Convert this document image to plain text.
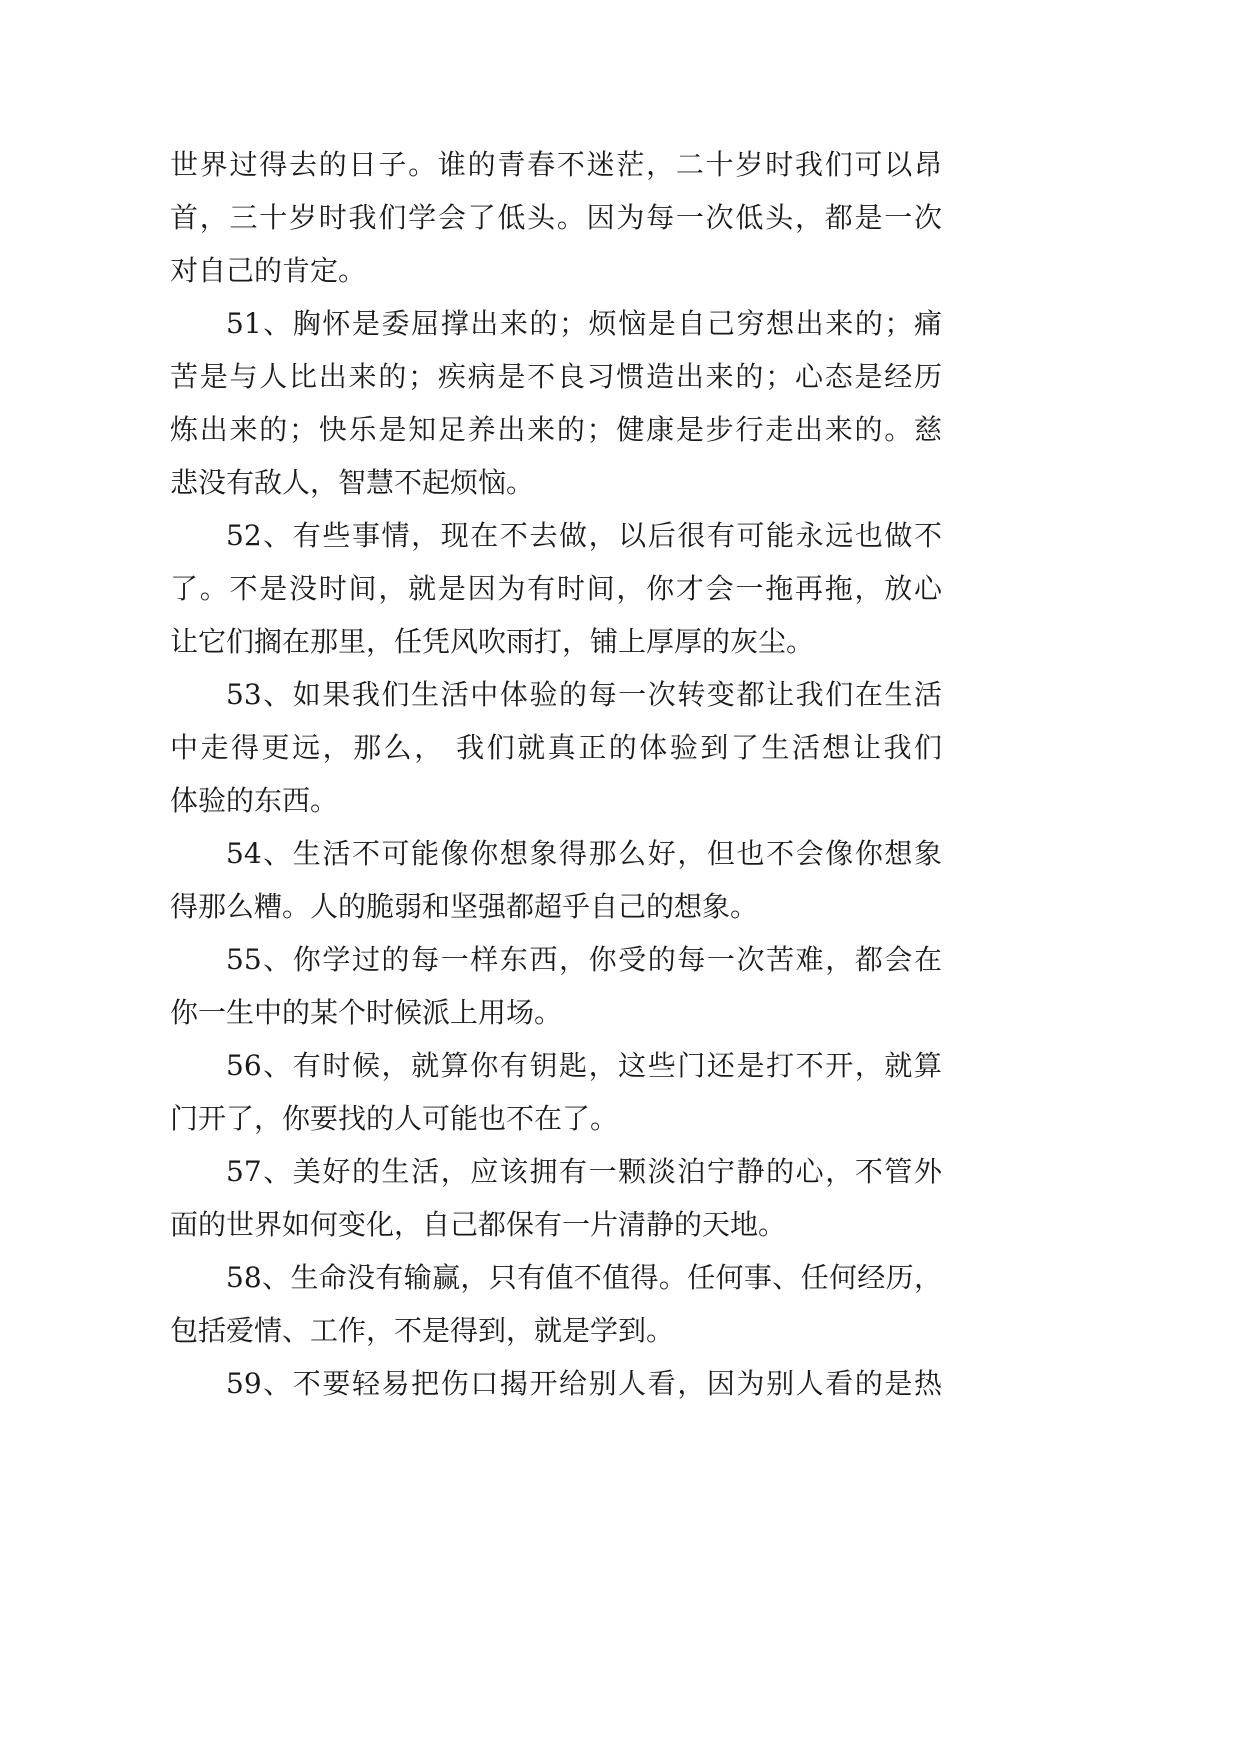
世界过得去的日子。谁的青春不迷茫，二十岁时我们可以昂
首，三十岁时我们学会了低头。因为每一次低头，都是一次
对自己的肯定。
51、胸怀是委屈撑出来的；烦恼是自己穷想出来的；痛
苦是与人比出来的；疾病是不良习惯造出来的；心态是经历
炼出来的；快乐是知足养出来的；健康是步行走出来的。慈
悲没有敌人，智慧不起烦恼。
52、有些事情，现在不去做，以后很有可能永远也做不
了。不是没时间，就是因为有时间，你才会一拖再拖，放心
让它们搁在那里，任凭风吹雨打，铺上厚厚的灰尘。
53、如果我们生活中体验的每一次转变都让我们在生活
中走得更远，那么， 我们就真正的体验到了生活想让我们
体验的东西。
54、生活不可能像你想象得那么好，但也不会像你想象
得那么糟。人的脆弱和坚强都超乎自己的想象。
55、你学过的每一样东西，你受的每一次苦难，都会在
你一生中的某个时候派上用场。
56、有时候，就算你有钥匙，这些门还是打不开，就算
门开了，你要找的人可能也不在了。
57、美好的生活，应该拥有一颗淡泊宁静的心，不管外
面的世界如何变化，自己都保有一片清静的天地。
58、生命没有输赢，只有值不值得。任何事、任何经历，
包括爱情、工作，不是得到，就是学到。
59、不要轻易把伤口揭开给别人看，因为别人看的是热
